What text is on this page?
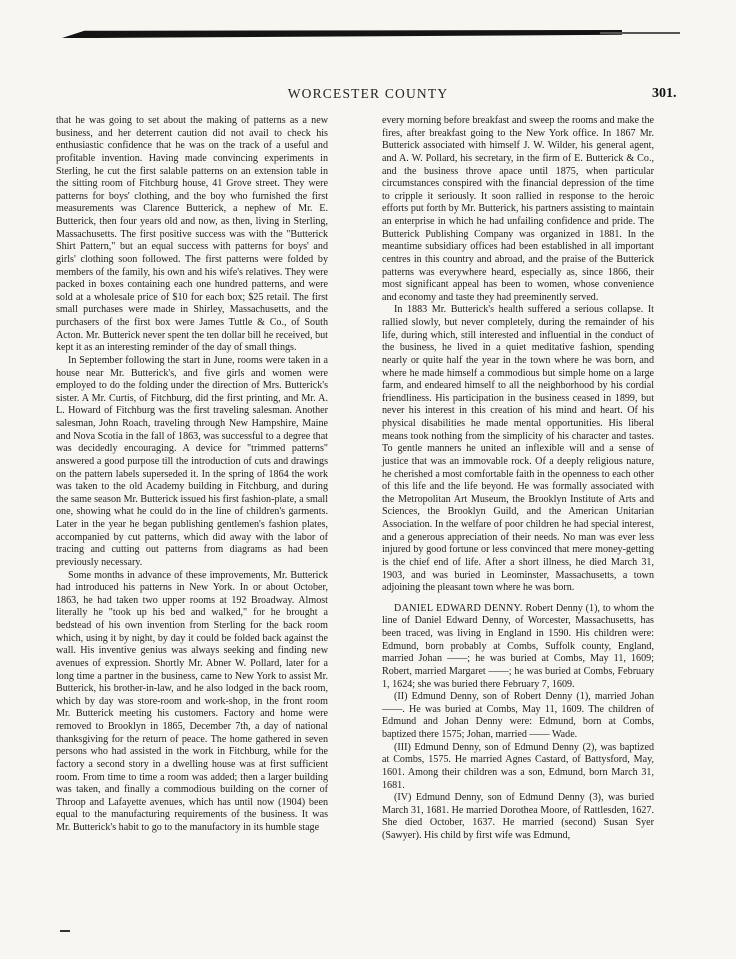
WORCESTER COUNTY	301.

that he was going to set about the making of patterns as a new business, and her deterrent caution did not avail to check his enthusiastic confidence that he was on the track of a useful and profitable invention. Having made convincing experiments in Sterling, he cut the first salable patterns on an extension table in the sitting room of Fitchburg house, 41 Grove street. They were patterns for boys' clothing, and the boy who furnished the first measurements was Clarence Butterick, a nephew of Mr. E. Butterick, then four years old and now, as then, living in Sterling, Massachusetts. The first positive success was with the "Butterick Shirt Pattern," but an equal success with patterns for boys' and girls' clothing soon followed. The first patterns were folded by members of the family, his own and his wife's relatives. They were packed in boxes containing each one hundred patterns, and were sold at a wholesale price of $10 for each box; $25 retail. The first small purchases were made in Shirley, Massachusetts, and the purchasers of the first box were James Tuttle & Co., of South Acton. Mr. Butterick never spent the ten dollar bill he received, but kept it as an interesting reminder of the day of small things.

In September following the start in June, rooms were taken in a house near Mr. Butterick's, and five girls and women were employed to do the folding under the direction of Mrs. Butterick's sister. A Mr. Curtis, of Fitchburg, did the first printing, and Mr. A. L. Howard of Fitchburg was the first traveling salesman. Another salesman, John Roach, traveling through New Hampshire, Maine and Nova Scotia in the fall of 1863, was successful to a degree that was decidedly encouraging. A device for "trimmed patterns" answered a good purpose till the introduction of cuts and drawings on the pattern labels superseded it. In the spring of 1864 the work was taken to the old Academy building in Fitchburg, and during the same season Mr. Butterick issued his first fashion-plate, a small one, showing what he could do in the line of children's garments. Later in the year he began publishing gentlemen's fashion plates, accompanied by cut patterns, which did away with the labor of tracing and cutting out patterns from diagrams as had been previously necessary.

Some months in advance of these improvements, Mr. Butterick had introduced his patterns in New York. In or about October, 1863, he had taken two upper rooms at 192 Broadway. Almost literally he "took up his bed and walked," for he brought a bedstead of his own invention from Sterling for the back room which, using it by night, by day it could be folded back against the wall. His inventive genius was always seeking and finding new avenues of expression. Shortly Mr. Abner W. Pollard, later for a long time a partner in the business, came to New York to assist Mr. Butterick, his brother-in-law, and he also lodged in the back room, which by day was store-room and work-shop, in the front room Mr. Butterick meeting his customers. Factory and home were removed to Brooklyn in 1865, December 7th, a day of national thanksgiving for the return of peace. The home gathered in seven persons who had assisted in the work in Fitchburg, while for the factory a second story in a dwelling house was at first sufficient room. From time to time a room was added; then a larger building was taken, and finally a commodious building on the corner of Throop and Lafayette avenues, which has until now (1904) been equal to the manufacturing requirements of the business. It was Mr. Butterick's habit to go to the manufactory in its humble stage

every morning before breakfast and sweep the rooms and make the fires, after breakfast going to the New York office. In 1867 Mr. Butterick associated with himself J. W. Wilder, his general agent, and A. W. Pollard, his secretary, in the firm of E. Butterick & Co., and the business throve apace until 1875, when particular circumstances conspired with the financial depression of the time to cripple it seriously. It soon rallied in response to the heroic efforts put forth by Mr. Butterick, his partners assisting to maintain an enterprise in which he had unfailing confidence and pride. The Butterick Publishing Company was organized in 1881. In the meantime subsidiary offices had been established in all important centres in this country and abroad, and the praise of the Butterick patterns was everywhere heard, especially as, since 1866, their most significant appeal has been to women, whose convenience and economy and taste they had preeminently served.

In 1883 Mr. Butterick's health suffered a serious collapse. It rallied slowly, but never completely, during the remainder of his life, during which, still interested and influential in the conduct of the business, he lived in a quiet meditative fashion, spending nearly or quite half the year in the town where he was born, and where he made himself a commodious but simple home on a large farm, and endeared himself to all the neighborhood by his cordial friendliness. His participation in the business ceased in 1899, but never his interest in this creation of his mind and heart. Of his physical disabilities he made mental opportunities. His liberal means took nothing from the simplicity of his character and tastes. To gentle manners he united an inflexible will and a sense of justice that was an immovable rock. Of a deeply religious nature, he cherished a most comfortable faith in the openness to each other of this life and the life beyond. He was formally associated with the Metropolitan Art Museum, the Brooklyn Institute of Arts and Sciences, the Brooklyn Guild, and the American Unitarian Association. In the welfare of poor children he had special interest, and a generous appreciation of their needs. No man was ever less injured by good fortune or less convinced that mere money-getting is the chief end of life. After a short illness, he died March 31, 1903, and was buried in Leominster, Massachusetts, a town adjoining the pleasant town where he was born.

DANIEL EDWARD DENNY. Robert Denny (1), to whom the line of Daniel Edward Denny, of Worcester, Massachusetts, has been traced, was living in England in 1590. His children were: Edmund, born probably at Combs, Suffolk county, England, married Johan ——; he was buried at Combs, May 11, 1609; Robert, married Margaret ——; he was buried at Combs, February 1, 1624; she was buried there February 7, 1609.

(II) Edmund Denny, son of Robert Denny (1), married Johan ——. He was buried at Combs, May 11, 1609. The children of Edmund and Johan Denny were: Edmund, born at Combs, baptized there 1575; Johan, married —— Wade.

(III) Edmund Denny, son of Edmund Denny (2), was baptized at Combs, 1575. He married Agnes Castard, of Battysford, May, 1601. Among their children was a son, Edmund, born March 31, 1681.

(IV) Edmund Denny, son of Edmund Denny (3), was buried March 31, 1681. He married Dorothea Moore, of Rattlesden, 1627. She died October, 1637. He married (second) Susan Syer (Sawyer). His child by first wife was Edmund,
